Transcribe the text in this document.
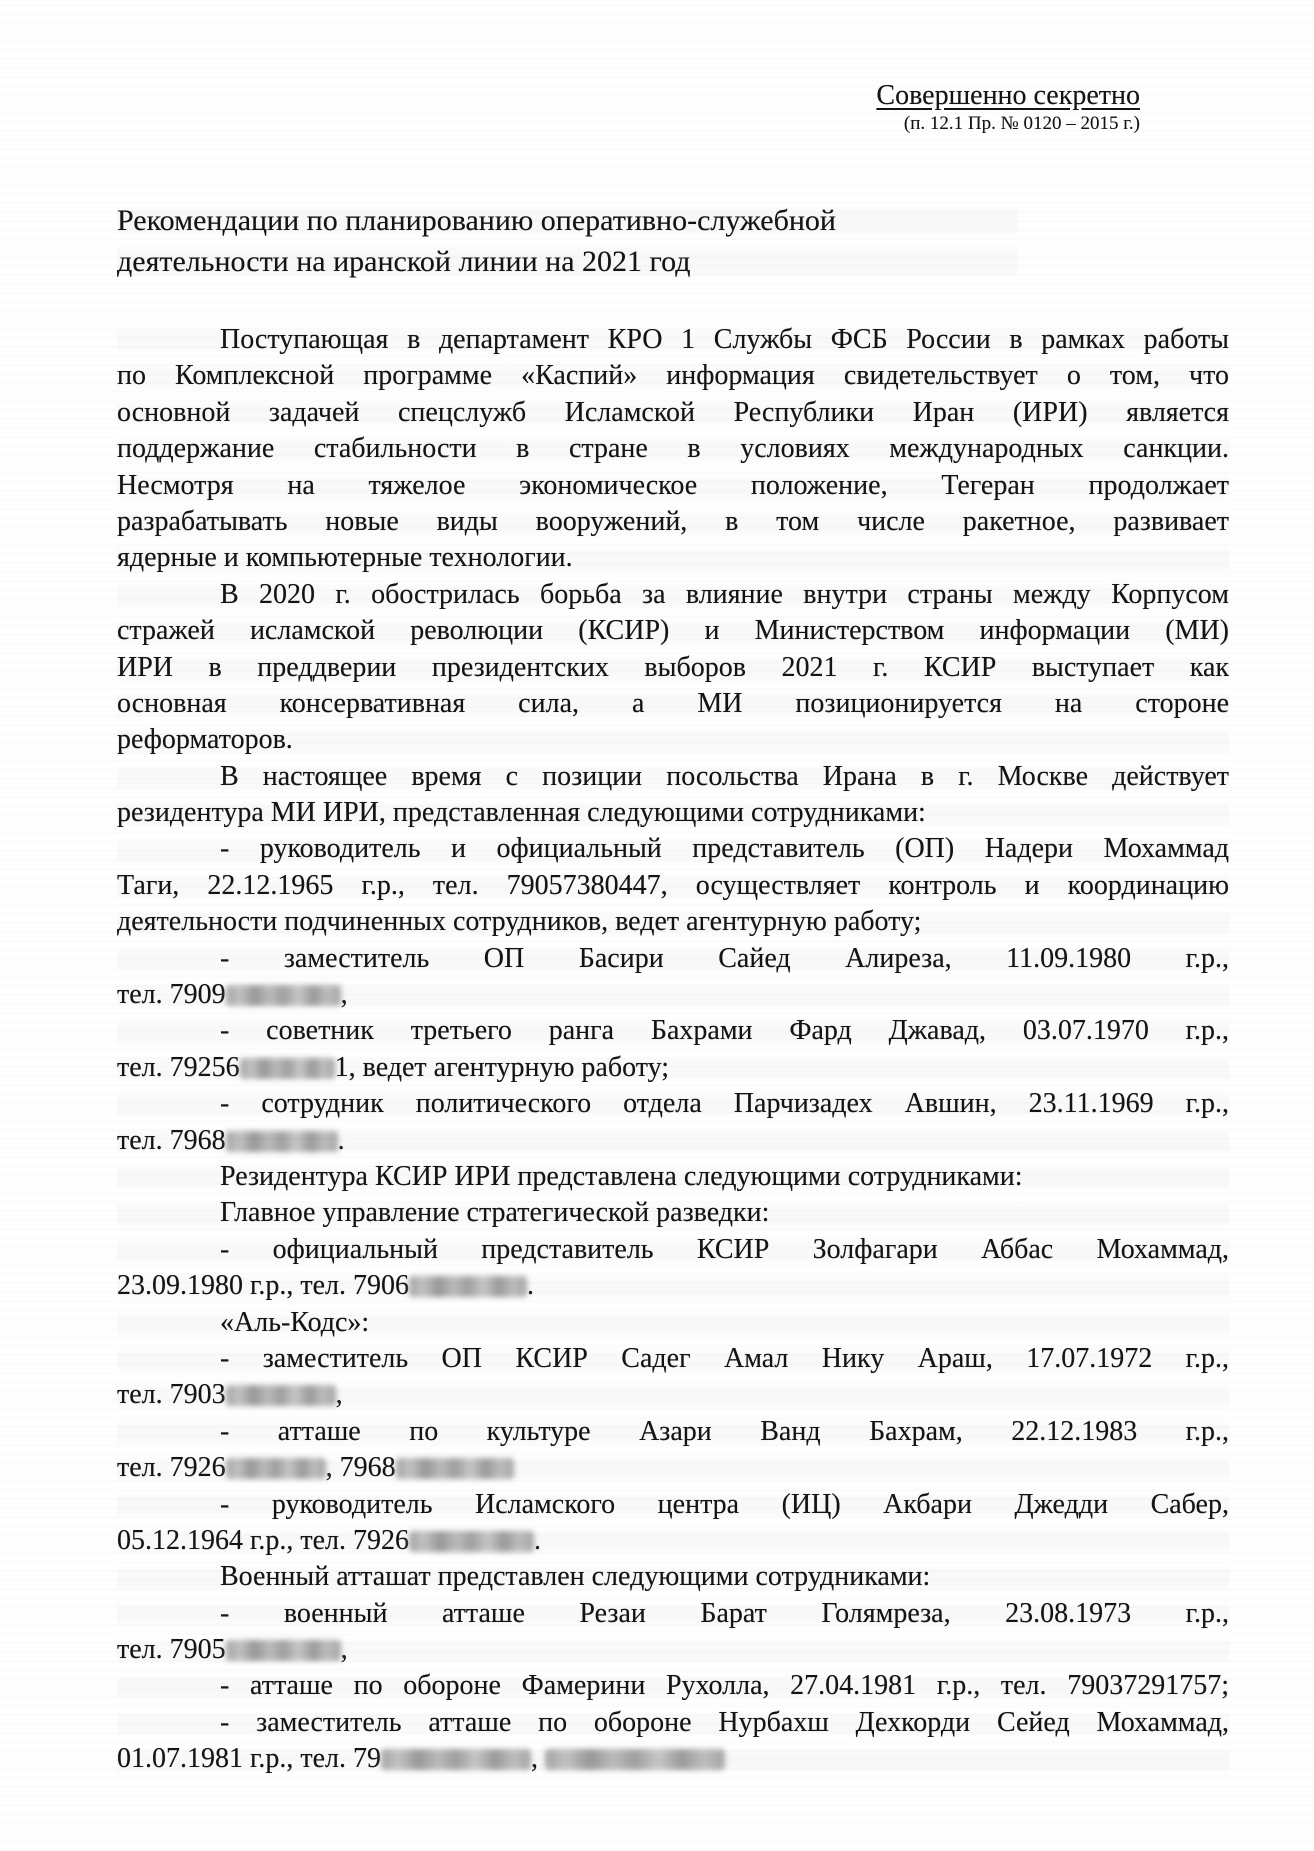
Совершенно секретно
(п. 12.1 Пр. № 0120 – 2015 г.)
Рекомендации по планированию оперативно-служебной
деятельности на иранской линии на 2021 год
Поступающая в департамент КРО 1 Службы ФСБ России в рамках работы
по Комплексной программе «Каспий» информация свидетельствует о том, что
основной задачей спецслужб Исламской Республики Иран (ИРИ) является
поддержание стабильности в стране в условиях международных санкции.
Несмотря на тяжелое экономическое положение, Тегеран продолжает
разрабатывать новые виды вооружений, в том числе ракетное, развивает
ядерные и компьютерные технологии.
В 2020 г. обострилась борьба за влияние внутри страны между Корпусом
стражей исламской революции (КСИР) и Министерством информации (МИ)
ИРИ в преддверии президентских выборов 2021 г. КСИР выступает как
основная консервативная сила, а МИ позиционируется на стороне
реформаторов.
В настоящее время с позиции посольства Ирана в г. Москве действует
резидентура МИ ИРИ, представленная следующими сотрудниками:
- руководитель и официальный представитель (ОП) Надери Мохаммад
Таги, 22.12.1965 г.р., тел. 79057380447, осуществляет контроль и координацию
деятельности подчиненных сотрудников, ведет агентурную работу;
- заместитель ОП Басири Сайед Алиреза, 11.09.1980 г.р.,
тел. 7909	,
- советник третьего ранга Бахрами Фард Джавад, 03.07.1970 г.р.,
тел. 79256	1, ведет агентурную работу;
- сотрудник политического отдела Парчизадех Авшин, 23.11.1969 г.р.,
тел. 7968	.
Резидентура КСИР ИРИ представлена следующими сотрудниками:
Главное управление стратегической разведки:
- официальный представитель КСИР Золфагари Аббас Мохаммад,
23.09.1980 г.р., тел. 7906	.
«Аль-Кодс»:
- заместитель ОП КСИР Садег Амал Нику Араш, 17.07.1972 г.р.,
тел. 7903	,
- атташе по культуре Азари Ванд Бахрам, 22.12.1983 г.р.,
тел. 7926	, 7968
- руководитель Исламского центра (ИЦ) Акбари Джедди Сабер,
05.12.1964 г.р., тел. 7926	.
Военный атташат представлен следующими сотрудниками:
- военный атташе Резаи Барат Голямреза, 23.08.1973 г.р.,
тел. 7905	,
- атташе по обороне Фамерини Рухолла, 27.04.1981 г.р., тел. 79037291757;
- заместитель атташе по обороне Нурбахш Дехкорди Сейед Мохаммад,
01.07.1981 г.р., тел. 79	,
